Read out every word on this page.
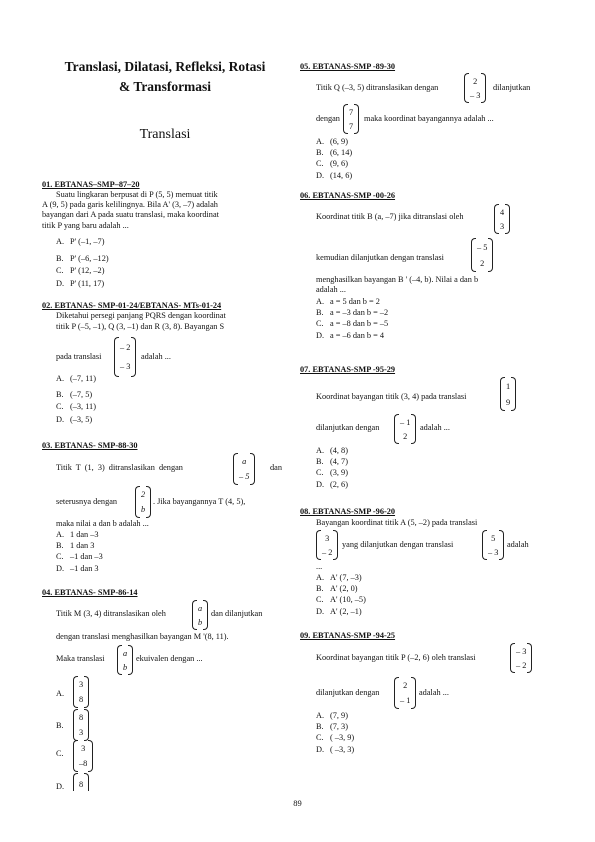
Translasi, Dilatasi, Refleksi, Rotasi
& Transformasi
Translasi
01. EBTANAS–SMP–87–20
Suatu lingkaran berpusat di P (5, 5) memuat titik
A (9, 5) pada garis kelilingnya. Bila A' (3, –7) adalah
bayangan dari A pada suatu translasi, maka koordinat
titik P yang baru adalah ...
A. P' (–1, –7)
B. P' (–6, –12)
C. P' (12, –2)
D. P' (11, 17)
02. EBTANAS- SMP-01-24/EBTANAS- MTs-01-24
Diketahui persegi panjang PQRS dengan koordinat
titik P (–5, –1), Q (3, –1) dan R (3, 8). Bayangan S
pada translasi
– 2
– 3
adalah ...
A. (–7, 11)
B. (–7, 5)
C. (–3, 11)
D. (–3, 5)
03. EBTANAS- SMP-88-30
Titik T (1, 3) ditranslasikan dengan
a
– 5
dan
seterusnya dengan
2
b
. Jika bayangannya T (4, 5),
maka nilai a dan b adalah ...
A. 1 dan –3
B. 1 dan 3
C. –1 dan –3
D. –1 dan 3
04. EBTANAS- SMP-86-14
Titik M (3, 4) ditranslasikan oleh
a
b
dan dilanjutkan
dengan translasi menghasilkan bayangan M '(8, 11).
Maka translasi
a
b
ekuivalen dengan ...
A.
3
8
B.
8
3
C.
3
–8
D. 8
05. EBTANAS-SMP -89-30
Titik Q (–3, 5) ditranslasikan dengan
2
– 3
dilanjutkan
dengan
7
7
maka koordinat bayangannya adalah ...
A. (6, 9)
B. (6, 14)
C. (9, 6)
D. (14, 6)
06. EBTANAS-SMP -00-26
Koordinat titik B (a, –7) jika ditranslasi oleh	4
3
kemudian dilanjutkan dengan translasi
– 5
2
menghasilkan bayangan B ' (–4, b). Nilai a dan b
adalah ...
A. a = 5 dan b = 2
B. a = –3 dan b = –2
C. a = –8 dan b = –5
D. a = –6 dan b = 4
07. EBTANAS-SMP -95-29
Koordinat bayangan titik (3, 4) pada translasi
1
9
dilanjutkan dengan
– 1
2
adalah ...
A. (4, 8)
B. (4, 7)
C. (3, 9)
D. (2, 6)
08. EBTANAS-SMP -96-20
Bayangan koordinat titik A (5, –2) pada translasi
3
– 2
yang dilanjutkan dengan translasi
5
– 3
adalah
...
A. A' (7, –3)
B. A' (2, 0)
C. A' (10, –5)
D. A' (2, –1)
09. EBTANAS-SMP -94-25
Koordinat bayangan titik P (–2, 6) oleh translasi
– 3
– 2
dilanjutkan dengan
2
– 1
adalah ...
A. (7, 9)
B. (7, 3)
C. ( –3, 9)
D. ( –3, 3)
89
